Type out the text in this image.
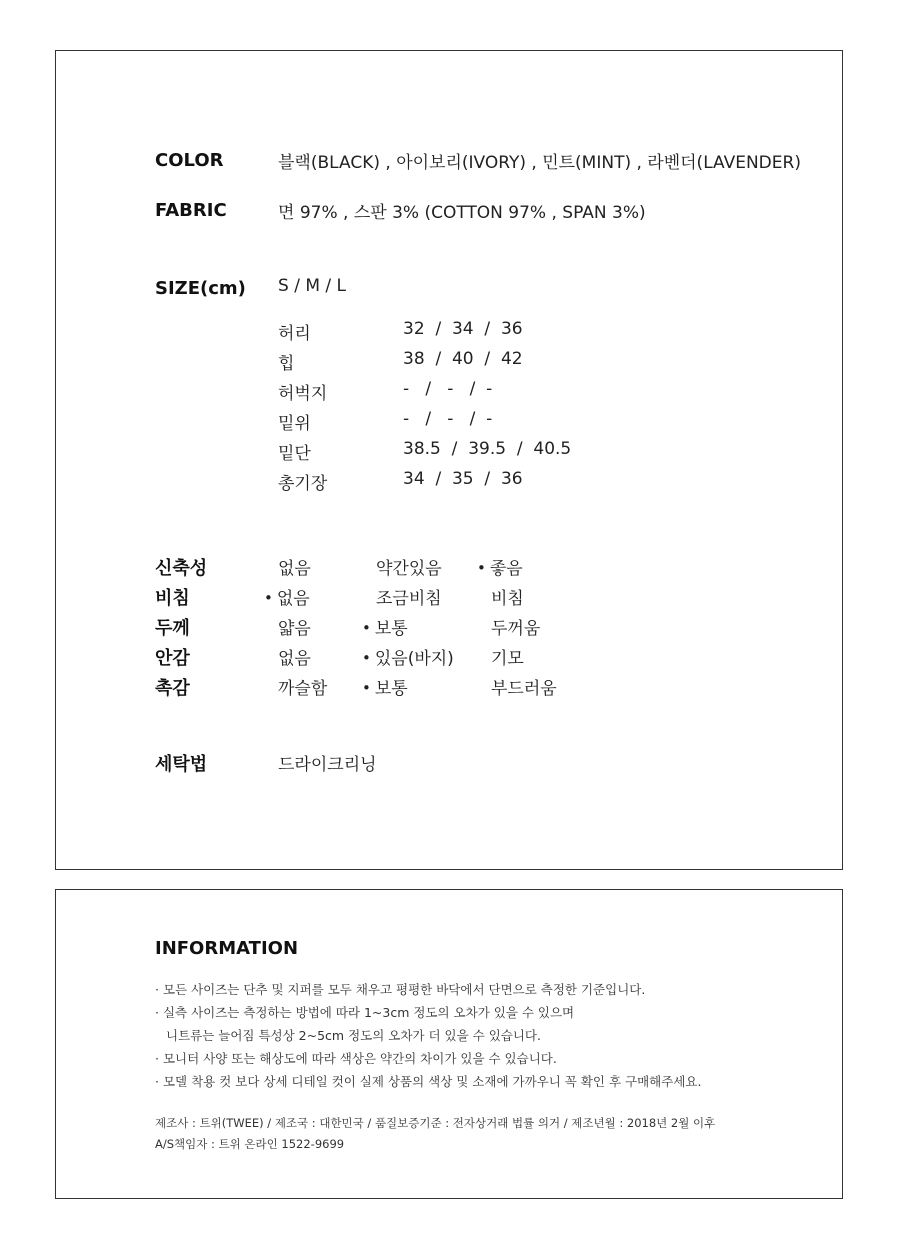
COLOR	블랙(BLACK) , 아이보리(IVORY) , 민트(MINT) , 라벤더(LAVENDER)
FABRIC	면 97% , 스판 3% (COTTON 97% , SPAN 3%)
SIZE(cm) S / M / L
허리	32  /  34  /  36
힙	38  /  40  /  42
허벅지	-   /   -   /  -
밑위	-   /   -   /  -
밑단	38.5  /  39.5  /  40.5
총기장	34  /  35  /  36
신축성	없음	약간있음 • 좋음
비침	• 없음	조금비침	비침
두께	얇음	• 보통	두꺼움
안감	없음	• 있음(바지) 기모
촉감	까슬함 • 보통	부드러움
세탁법	드라이크리닝
INFORMATION
· 모든 사이즈는 단추 및 지퍼를 모두 채우고 평평한 바닥에서 단면으로 측정한 기준입니다.
· 실측 사이즈는 측정하는 방법에 따라 1~3cm 정도의 오차가 있을 수 있으며
니트류는 늘어짐 특성상 2~5cm 정도의 오차가 더 있을 수 있습니다.
· 모니터 사양 또는 해상도에 따라 색상은 약간의 차이가 있을 수 있습니다.
· 모델 착용 컷 보다 상세 디테일 컷이 실제 상품의 색상 및 소재에 가까우니 꼭 확인 후 구매해주세요.
제조사 : 트위(TWEE) / 제조국 : 대한민국 / 품질보증기준 : 전자상거래 법률 의거 / 제조년월 : 2018년 2월 이후
A/S책임자 : 트위 온라인 1522-9699
